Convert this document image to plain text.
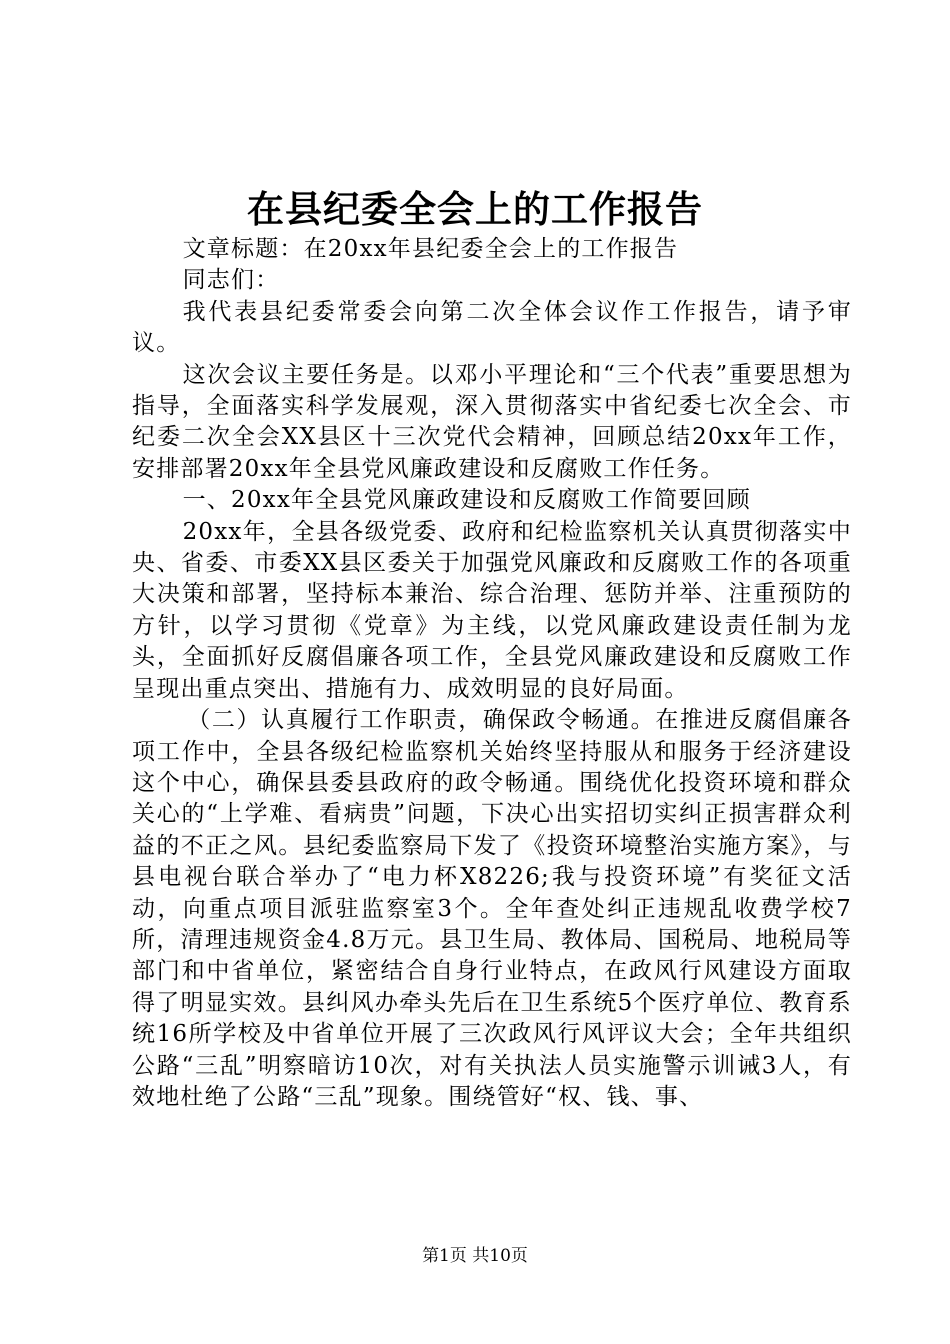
在县纪委全会上的工作报告

文章标题：在20xx年县纪委全会上的工作报告

同志们：

我代表县纪委常委会向第二次全体会议作工作报告，请予审议。

这次会议主要任务是。以邓小平理论和“三个代表”重要思想为指导，全面落实科学发展观，深入贯彻落实中省纪委七次全会、市纪委二次全会XX县区十三次党代会精神，回顾总结20xx年工作，安排部署20xx年全县党风廉政建设和反腐败工作任务。

一、20xx年全县党风廉政建设和反腐败工作简要回顾

20xx年，全县各级党委、政府和纪检监察机关认真贯彻落实中央、省委、市委XX县区委关于加强党风廉政和反腐败工作的各项重大决策和部署，坚持标本兼治、综合治理、惩防并举、注重预防的方针，以学习贯彻《党章》为主线，以党风廉政建设责任制为龙头，全面抓好反腐倡廉各项工作，全县党风廉政建设和反腐败工作呈现出重点突出、措施有力、成效明显的良好局面。

（二）认真履行工作职责，确保政令畅通。在推进反腐倡廉各项工作中，全县各级纪检监察机关始终坚持服从和服务于经济建设这个中心，确保县委县政府的政令畅通。围绕优化投资环境和群众关心的“上学难、看病贵”问题，下决心出实招切实纠正损害群众利益的不正之风。县纪委监察局下发了《投资环境整治实施方案》，与县电视台联合举办了“电力杯X8226;我与投资环境”有奖征文活动，向重点项目派驻监察室3个。全年查处纠正违规乱收费学校7所，清理违规资金4.8万元。县卫生局、教体局、国税局、地税局等部门和中省单位，紧密结合自身行业特点，在政风行风建设方面取得了明显实效。县纠风办牵头先后在卫生系统5个医疗单位、教育系统16所学校及中省单位开展了三次政风行风评议大会；全年共组织公路“三乱”明察暗访10次，对有关执法人员实施警示训诫3人，有效地杜绝了公路“三乱”现象。围绕管好“权、钱、事、

第1页 共10页
